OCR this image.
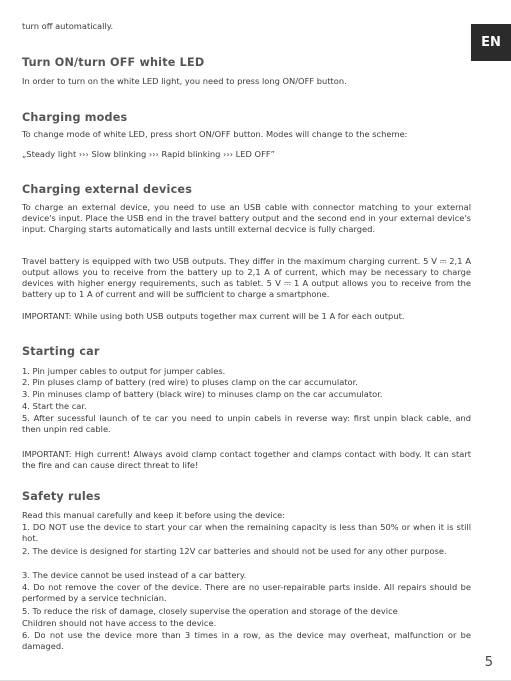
EN
turn off automatically.
Turn ON/turn OFF white LED
In order to turn on the white LED light, you need to press long ON/OFF button.
Charging modes
To change mode of white LED, press short ON/OFF button. Modes will change to the scheme:
„Steady light ››› Slow blinking ››› Rapid blinking ››› LED OFF”
Charging external devices
To charge an external device, you need to use an USB cable with connector matching to your external device's input. Place the USB end in the travel battery output and the second end in your external device's input. Charging starts automatically and lasts untill external decvice is fully charged.
Travel battery is equipped with two USB outputs. They differ in the maximum charging current. 5 V ⎓ 2,1 A output allows you to receive from the battery up to 2,1 A of current, which may be necessary to charge devices with higher energy requirements, such as tablet. 5 V ⎓ 1 A output allows you to receive from the battery up to 1 A of current and will be sufficient to charge a smartphone.
IMPORTANT: While using both USB outputs together max current will be 1 A for each output.
Starting car
1. Pin jumper cables to output for jumper cables.
2. Pin pluses clamp of battery (red wire) to pluses clamp on the car accumulator.
3. Pin minuses clamp of battery (black wire) to minuses clamp on the car accumulator.
4. Start the car.
5. After sucessful launch of te car you need to unpin cabels in reverse way: first unpin black cable, and then unpin red cable.
IMPORTANT: High current! Always avoid clamp contact together and clamps contact with body. It can start the fire and can cause direct threat to life!
Safety rules
Read this manual carefully and keep it before using the device:
1. DO NOT use the device to start your car when the remaining capacity is less than 50% or when it is still hot.
2. The device is designed for starting 12V car batteries and should not be used for any other purpose.
3. The device cannot be used instead of a car battery.
4. Do not remove the cover of the device. There are no user-repairable parts inside. All repairs should be performed by a service technician.
5. To reduce the risk of damage, closely supervise the operation and storage of the device
Children should not have access to the device.
6. Do not use the device more than 3 times in a row, as the device may overheat, malfunction or be damaged.
5
